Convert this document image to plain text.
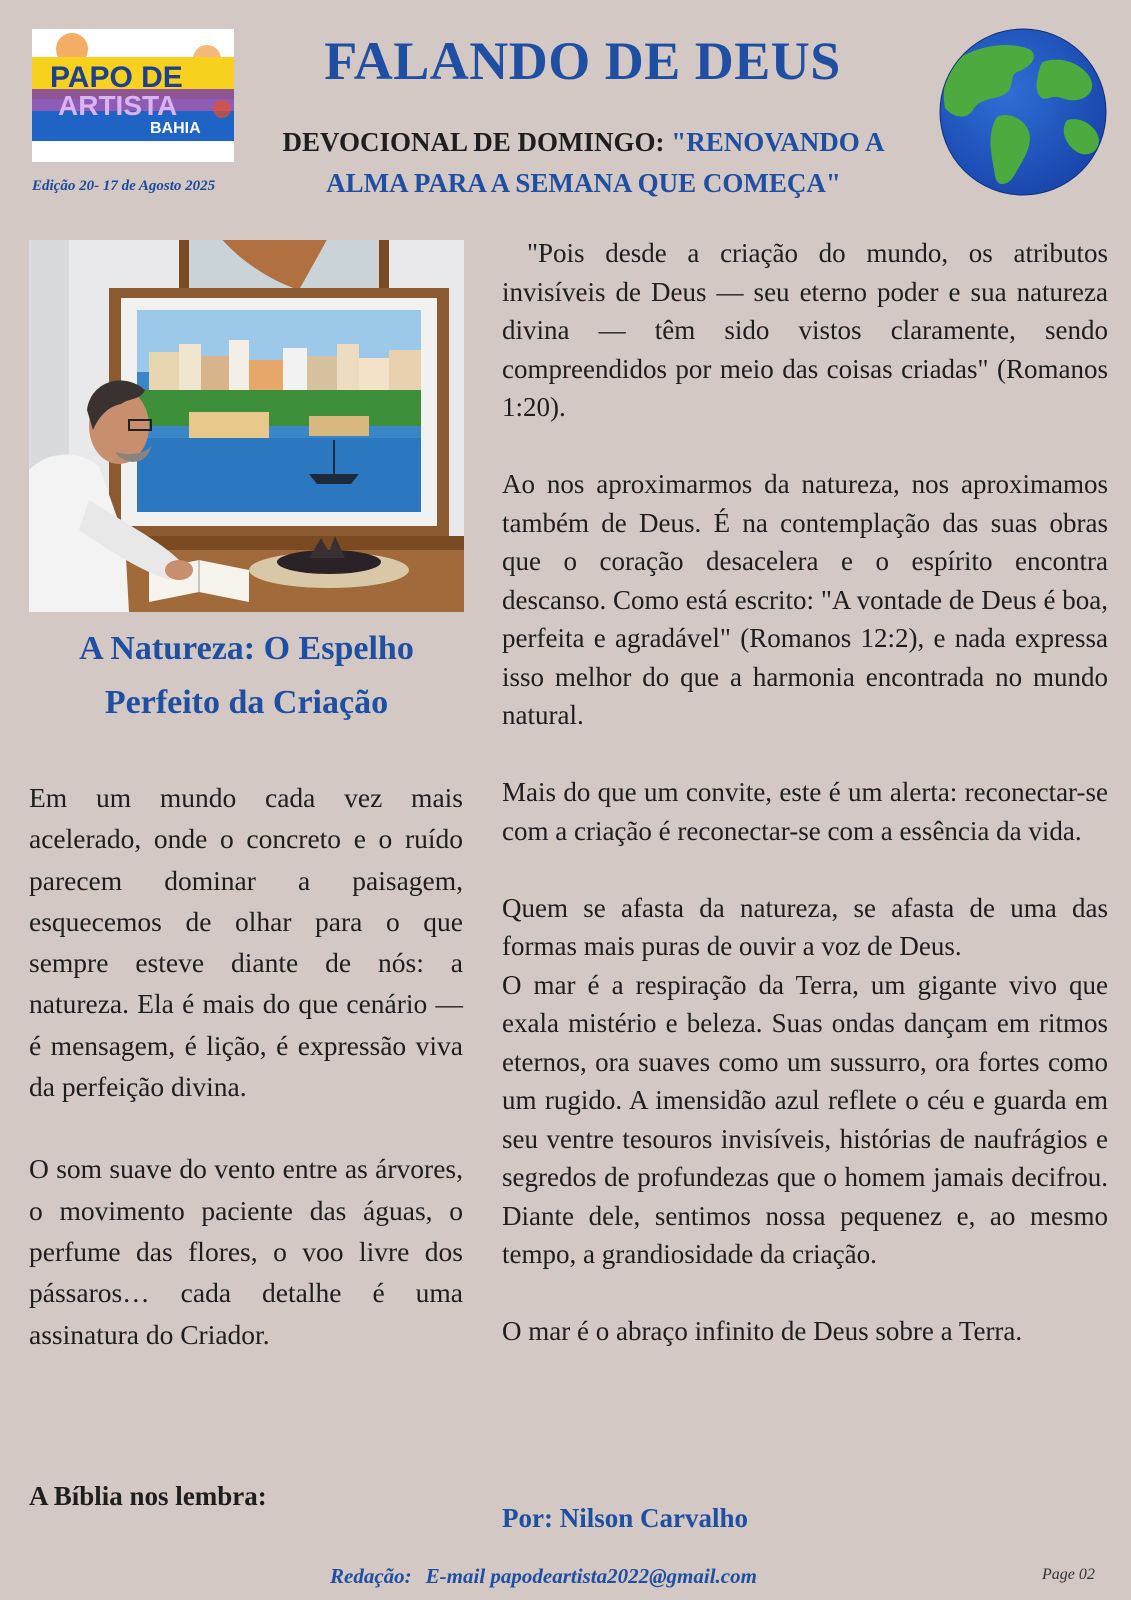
PAPO DE
ARTISTA
BAHIA
Edição 20- 17 de Agosto 2025
FALANDO DE DEUS
DEVOCIONAL DE DOMINGO: "RENOVANDO A ALMA PARA A SEMANA QUE COMEÇA"
A Natureza: O Espelho Perfeito da Criação

Em um mundo cada vez mais acelerado, onde o concreto e o ruído parecem dominar a paisagem, esquecemos de olhar para o que sempre esteve diante de nós: a natureza. Ela é mais do que cenário — é mensagem, é lição, é expressão viva da perfeição divina.

O som suave do vento entre as árvores, o movimento paciente das águas, o perfume das flores, o voo livre dos pássaros… cada detalhe é uma assinatura do Criador.

A Bíblia nos lembra:

"Pois desde a criação do mundo, os atributos invisíveis de Deus — seu eterno poder e sua natureza divina — têm sido vistos claramente, sendo compreendidos por meio das coisas criadas" (Romanos 1:20).

Ao nos aproximarmos da natureza, nos aproximamos também de Deus. É na contemplação das suas obras que o coração desacelera e o espírito encontra descanso. Como está escrito: "A vontade de Deus é boa, perfeita e agradável" (Romanos 12:2), e nada expressa isso melhor do que a harmonia encontrada no mundo natural.

Mais do que um convite, este é um alerta: reconectar-se com a criação é reconectar-se com a essência da vida.

Quem se afasta da natureza, se afasta de uma das formas mais puras de ouvir a voz de Deus.

O mar é a respiração da Terra, um gigante vivo que exala mistério e beleza. Suas ondas dançam em ritmos eternos, ora suaves como um sussurro, ora fortes como um rugido. A imensidão azul reflete o céu e guarda em seu ventre tesouros invisíveis, histórias de naufrágios e segredos de profundezas que o homem jamais decifrou. Diante dele, sentimos nossa pequenez e, ao mesmo tempo, a grandiosidade da criação.

O mar é o abraço infinito de Deus sobre a Terra.

Por: Nilson Carvalho
Redação: E-mail papodeartista2022@gmail.com	Page 02
